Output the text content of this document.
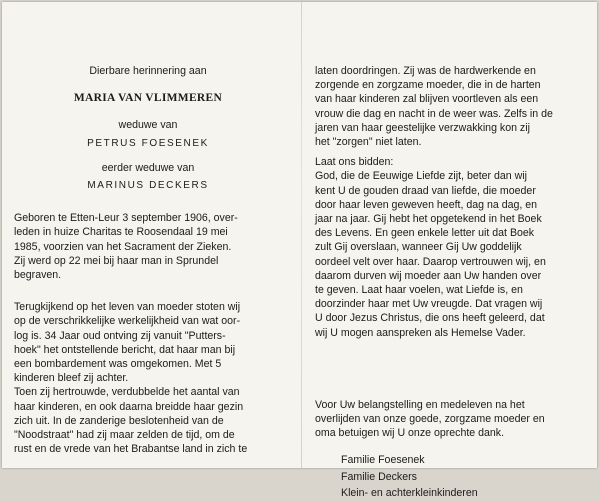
Dierbare herinnering aan

MARIA VAN VLIMMEREN

weduwe van

PETRUS FOESENEK

eerder weduwe van

MARINUS DECKERS

Geboren te Etten-Leur 3 september 1906, over-
leden in huize Charitas te Roosendaal 19 mei
1985, voorzien van het Sacrament der Zieken.
Zij werd op 22 mei bij haar man in Sprundel
begraven.
Terugkijkend op het leven van moeder stoten wij
op de verschrikkelijke werkelijkheid van wat oor-
log is. 34 Jaar oud ontving zij vanuit "Putters-
hoek" het ontstellende bericht, dat haar man bij
een bombardement was omgekomen. Met 5
kinderen bleef zij achter.
Toen zij hertrouwde, verdubbelde het aantal van
haar kinderen, en ook daarna breidde haar gezin
zich uit. In de zanderige beslotenheid van de
"Noodstraat" had zij maar zelden de tijd, om de
rust en de vrede van het Brabantse land in zich te
laten doordringen. Zij was de hardwerkende en
zorgende en zorgzame moeder, die in de harten
van haar kinderen zal blijven voortleven als een
vrouw die dag en nacht in de weer was. Zelfs in de
jaren van haar geestelijke verzwakking kon zij
het "zorgen" niet laten.

Laat ons bidden:

God, die de Eeuwige Liefde zijt, beter dan wij
kent U de gouden draad van liefde, die moeder
door haar leven geweven heeft, dag na dag, en
jaar na jaar. Gij hebt het opgetekend in het Boek
des Levens. En geen enkele letter uit dat Boek
zult Gij overslaan, wanneer Gij Uw goddelijk
oordeel velt over haar. Daarop vertrouwen wij, en
daarom durven wij moeder aan Uw handen over
te geven. Laat haar voelen, wat Liefde is, en
doorzinder haar met Uw vreugde. Dat vragen wij
U door Jezus Christus, die ons heeft geleerd, dat
wij U mogen aanspreken als Hemelse Vader.
Voor Uw belangstelling en medeleven na het
overlijden van onze goede, zorgzame moeder en
oma betuigen wij U onze oprechte dank.
Familie Foesenek
Familie Deckers
Klein- en achterkleinkinderen
